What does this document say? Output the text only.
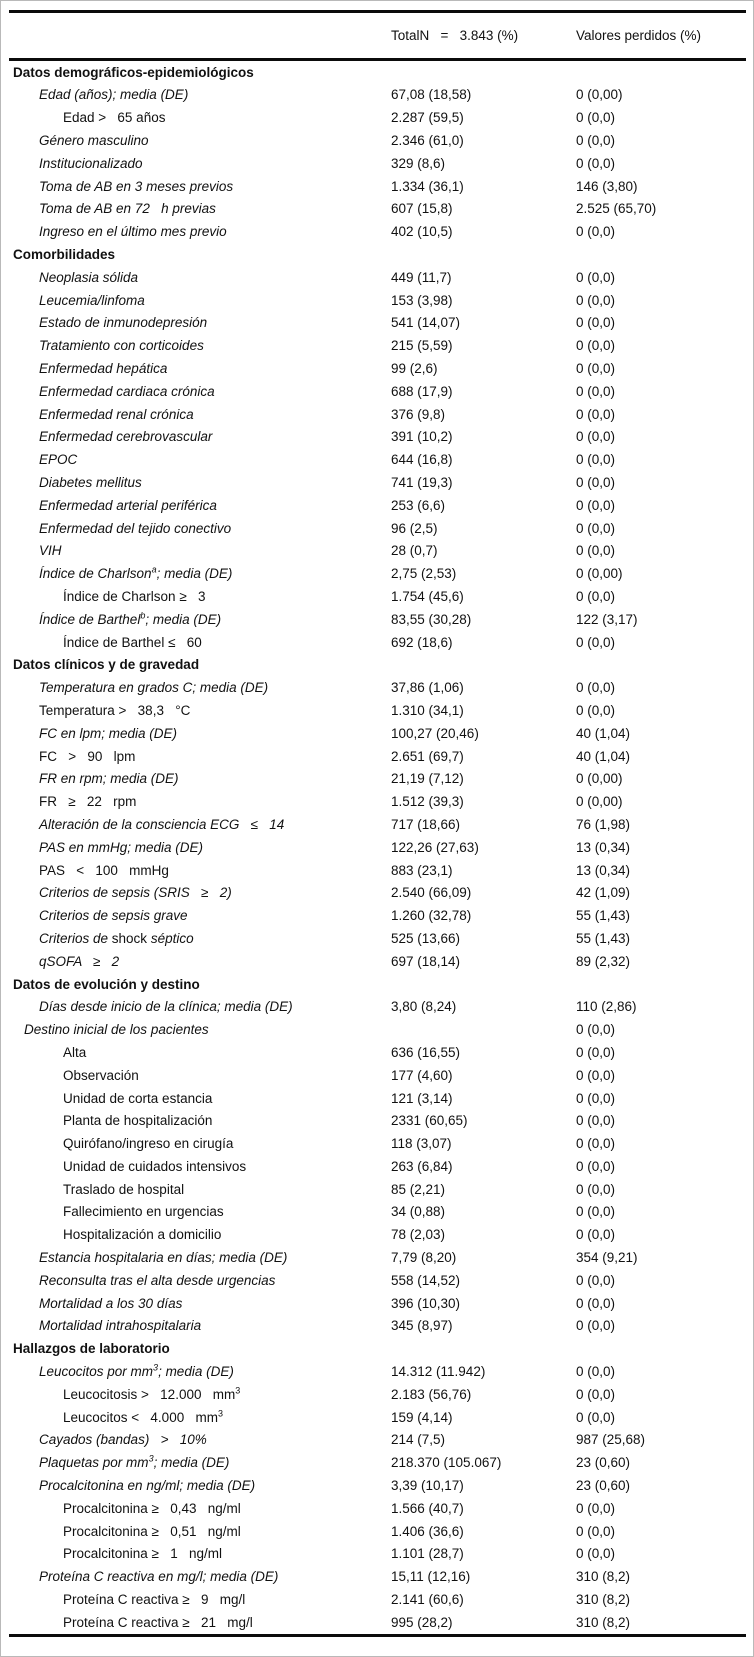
	TotalN   =   3.843 (%)	Valores perdidos (%)
Datos demográficos-epidemiológicos		
Edad (años); media (DE)	67,08 (18,58)	0 (0,00)
Edad >   65 años	2.287 (59,5)	0 (0,0)
Género masculino	2.346 (61,0)	0 (0,0)
Institucionalizado	329 (8,6)	0 (0,0)
Toma de AB en 3 meses previos	1.334 (36,1)	146 (3,80)
Toma de AB en 72   h previas	607 (15,8)	2.525 (65,70)
Ingreso en el último mes previo	402 (10,5)	0 (0,0)
Comorbilidades		
Neoplasia sólida	449 (11,7)	0 (0,0)
Leucemia/linfoma	153 (3,98)	0 (0,0)
Estado de inmunodepresión	541 (14,07)	0 (0,0)
Tratamiento con corticoides	215 (5,59)	0 (0,0)
Enfermedad hepática	99 (2,6)	0 (0,0)
Enfermedad cardiaca crónica	688 (17,9)	0 (0,0)
Enfermedad renal crónica	376 (9,8)	0 (0,0)
Enfermedad cerebrovascular	391 (10,2)	0 (0,0)
EPOC	644 (16,8)	0 (0,0)
Diabetes mellitus	741 (19,3)	0 (0,0)
Enfermedad arterial periférica	253 (6,6)	0 (0,0)
Enfermedad del tejido conectivo	96 (2,5)	0 (0,0)
VIH	28 (0,7)	0 (0,0)
Índice de Charlson$^a$; media (DE)	2,75 (2,53)	0 (0,00)
Índice de Charlson ≥   3	1.754 (45,6)	0 (0,0)
Índice de Barthel$^b$; media (DE)	83,55 (30,28)	122 (3,17)
Índice de Barthel ≤   60	692 (18,6)	0 (0,0)
Datos clínicos y de gravedad		
Temperatura en grados C; media (DE)	37,86 (1,06)	0 (0,0)
Temperatura >   38,3   °C	1.310 (34,1)	0 (0,0)
FC en lpm; media (DE)	100,27 (20,46)	40 (1,04)
FC   >   90   lpm	2.651 (69,7)	40 (1,04)
FR en rpm; media (DE)	21,19 (7,12)	0 (0,00)
FR   ≥   22   rpm	1.512 (39,3)	0 (0,00)
Alteración de la consciencia ECG   ≤   14	717 (18,66)	76 (1,98)
PAS en mmHg; media (DE)	122,26 (27,63)	13 (0,34)
PAS   <   100   mmHg	883 (23,1)	13 (0,34)
Criterios de sepsis (SRIS   ≥   2)	2.540 (66,09)	42 (1,09)
Criterios de sepsis grave	1.260 (32,78)	55 (1,43)
Criterios de shock séptico	525 (13,66)	55 (1,43)
qSOFA   ≥   2	697 (18,14)	89 (2,32)
Datos de evolución y destino		
Días desde inicio de la clínica; media (DE)	3,80 (8,24)	110 (2,86)
Destino inicial de los pacientes		0 (0,0)
Alta	636 (16,55)	0 (0,0)
Observación	177 (4,60)	0 (0,0)
Unidad de corta estancia	121 (3,14)	0 (0,0)
Planta de hospitalización	2331 (60,65)	0 (0,0)
Quirófano/ingreso en cirugía	118 (3,07)	0 (0,0)
Unidad de cuidados intensivos	263 (6,84)	0 (0,0)
Traslado de hospital	85 (2,21)	0 (0,0)
Fallecimiento en urgencias	34 (0,88)	0 (0,0)
Hospitalización a domicilio	78 (2,03)	0 (0,0)
Estancia hospitalaria en días; media (DE)	7,79 (8,20)	354 (9,21)
Reconsulta tras el alta desde urgencias	558 (14,52)	0 (0,0)
Mortalidad a los 30 días	396 (10,30)	0 (0,0)
Mortalidad intrahospitalaria	345 (8,97)	0 (0,0)
Hallazgos de laboratorio		
Leucocitos por $mm^3$; media (DE)	14.312 (11.942)	0 (0,0)
Leucocitosis >   12.000   $mm^3$	2.183 (56,76)	0 (0,0)
Leucocitos <   4.000   $mm^3$	159 (4,14)	0 (0,0)
Cayados (bandas)   >   10%	214 (7,5)	987 (25,68)
Plaquetas por $mm^3$; media (DE)	218.370 (105.067)	23 (0,60)
Procalcitonina en ng/ml; media (DE)	3,39 (10,17)	23 (0,60)
Procalcitonina ≥   0,43   ng/ml	1.566 (40,7)	0 (0,0)
Procalcitonina ≥   0,51   ng/ml	1.406 (36,6)	0 (0,0)
Procalcitonina ≥   1   ng/ml	1.101 (28,7)	0 (0,0)
Proteína C reactiva en mg/l; media (DE)	15,11 (12,16)	310 (8,2)
Proteína C reactiva ≥   9   mg/l	2.141 (60,6)	310 (8,2)
Proteína C reactiva ≥   21   mg/l	995 (28,2)	310 (8,2)
